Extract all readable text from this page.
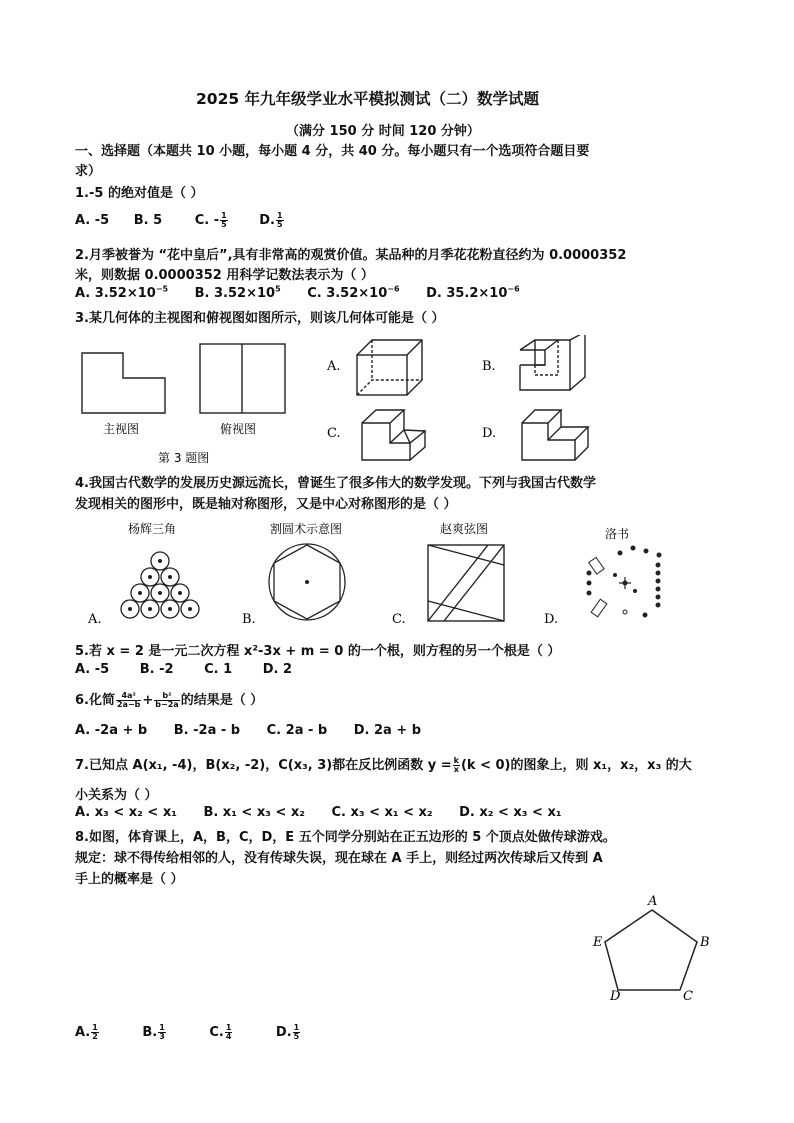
2025 年九年级学业水平模拟测试（二）数学试题
（满分 150 分 时间 120 分钟）
一、选择题（本题共 10 小题，每小题 4 分，共 40 分。每小题只有一个选项符合题目要
求）
1.-5 的绝对值是（ ）
A. -5 B. 5	C. - $\frac{1}{5} D$. $\frac{1}{5}$
2.月季被誉为 “花中皇后”,具有非常高的观赏价值。某品种的月季花花粉直径约为 0.0000352
米，则数据 0.0000352 用科学记数法表示为（ ）
A. $3.52\times 10^{-5}$ B. $3.52\times 10^5$ C. $3.52\times 10^{-6}$ D. $35.2\times 10^{-6}$
3.某几何体的主视图和俯视图如图所示，则该几何体可能是（ ）
主视图	俯视图
第 3 题图
A.	B.
C.	D.
4.我国古代数学的发展历史源远流长，曾诞生了很多伟大的数学发现。下列与我国古代数学
发现相关的图形中，既是轴对称图形，又是中心对称图形的是（ ）
杨辉三角	割圆术示意图	赵爽弦图	洛书
A.	B.	C.	D.
5.若 x = 2 是一元二次方程 x²-3x + m = 0 的一个根，则方程的另一个根是（ ）
A. -5 B. -2 C. 1 D. 2
6.化简 $\frac{\text{4a²}}{2a-b} + \frac{\text{b²}}{b-2a}$ 的结果是（ ）
A. -2a + b B. -2a - b C. 2a - b D. 2a + b
7.已知点 A(x₁, -4)，B(x₂, -2)，C(x₃, 3)都在反比例函数 $y = \frac{k}{x} (k < 0)$的图象上，则 x₁，x₂，x₃ 的大
小关系为（ ）
A. x₃ < x₂ < x₁ B. x₁ < x₃ < x₂ C. x₃ < x₁ < x₂ D. x₂ < x₃ < x₁
8.如图，体育课上，A，B，C，D，E 五个同学分别站在正五边形的 5 个顶点处做传球游戏。
规定：球不得传给相邻的人，没有传球失误，现在球在 A 手上，则经过两次传球后又传到 A
手上的概率是（ ）
A
B
C
D
E
A. $\frac{1}{2}$	B. $\frac{1}{3}$	C. $\frac{1}{4}$	D. $\frac{1}{5}$
